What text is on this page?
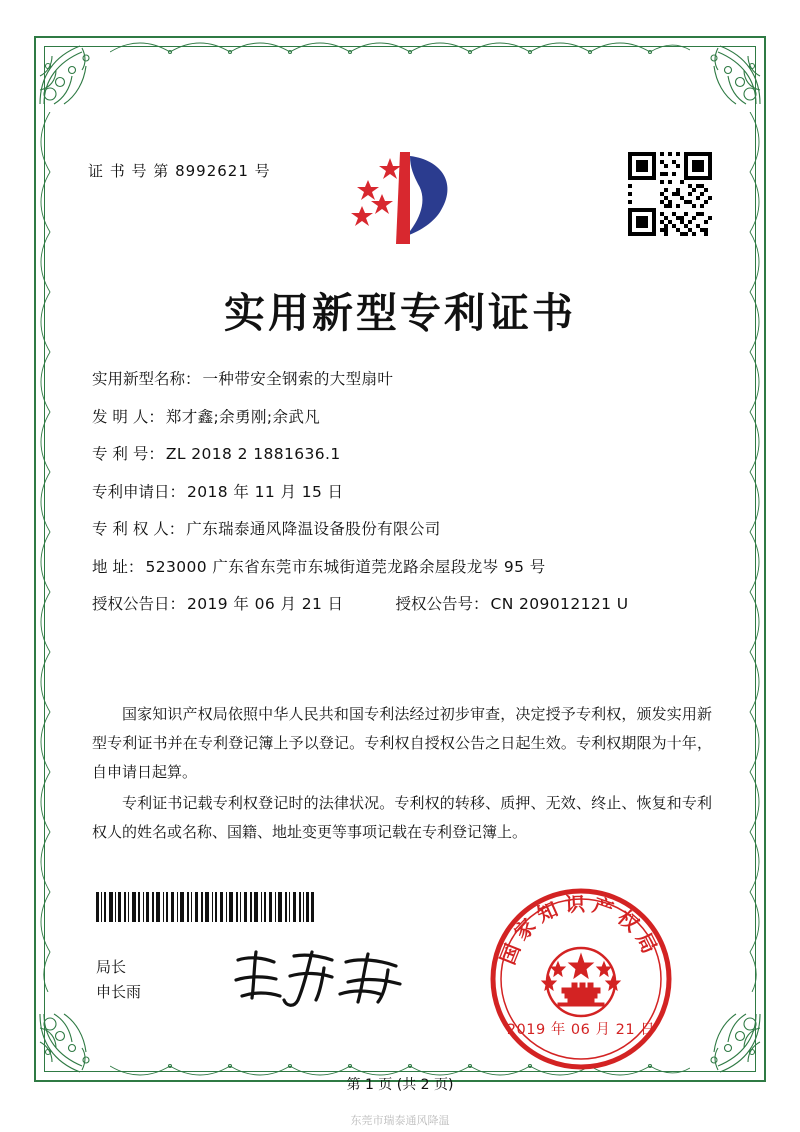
证 书 号 第 8992621 号
实用新型专利证书
实用新型名称： 一种带安全钢索的大型扇叶
发 明 人： 郑才鑫;余勇刚;余武凡
专 利 号： ZL 2018 2 1881636.1
专利申请日： 2018 年 11 月 15 日
专 利 权 人： 广东瑞泰通风降温设备股份有限公司
地 址： 523000 广东省东莞市东城街道莞龙路余屋段龙岑 95 号
授权公告日： 2019 年 06 月 21 日	授权公告号： CN 209012121 U

国家知识产权局依照中华人民共和国专利法经过初步审查，决定授予专利权，颁发实用新型专利证书并在专利登记簿上予以登记。专利权自授权公告之日起生效。专利权期限为十年，自申请日起算。

专利证书记载专利权登记时的法律状况。专利权的转移、质押、无效、终止、恢复和专利权人的姓名或名称、国籍、地址变更等事项记载在专利登记簿上。

局长
申长雨
国家知识产权局
2019 年 06 月 21 日
第 1 页 (共 2 页)
东莞市瑞泰通风降温
